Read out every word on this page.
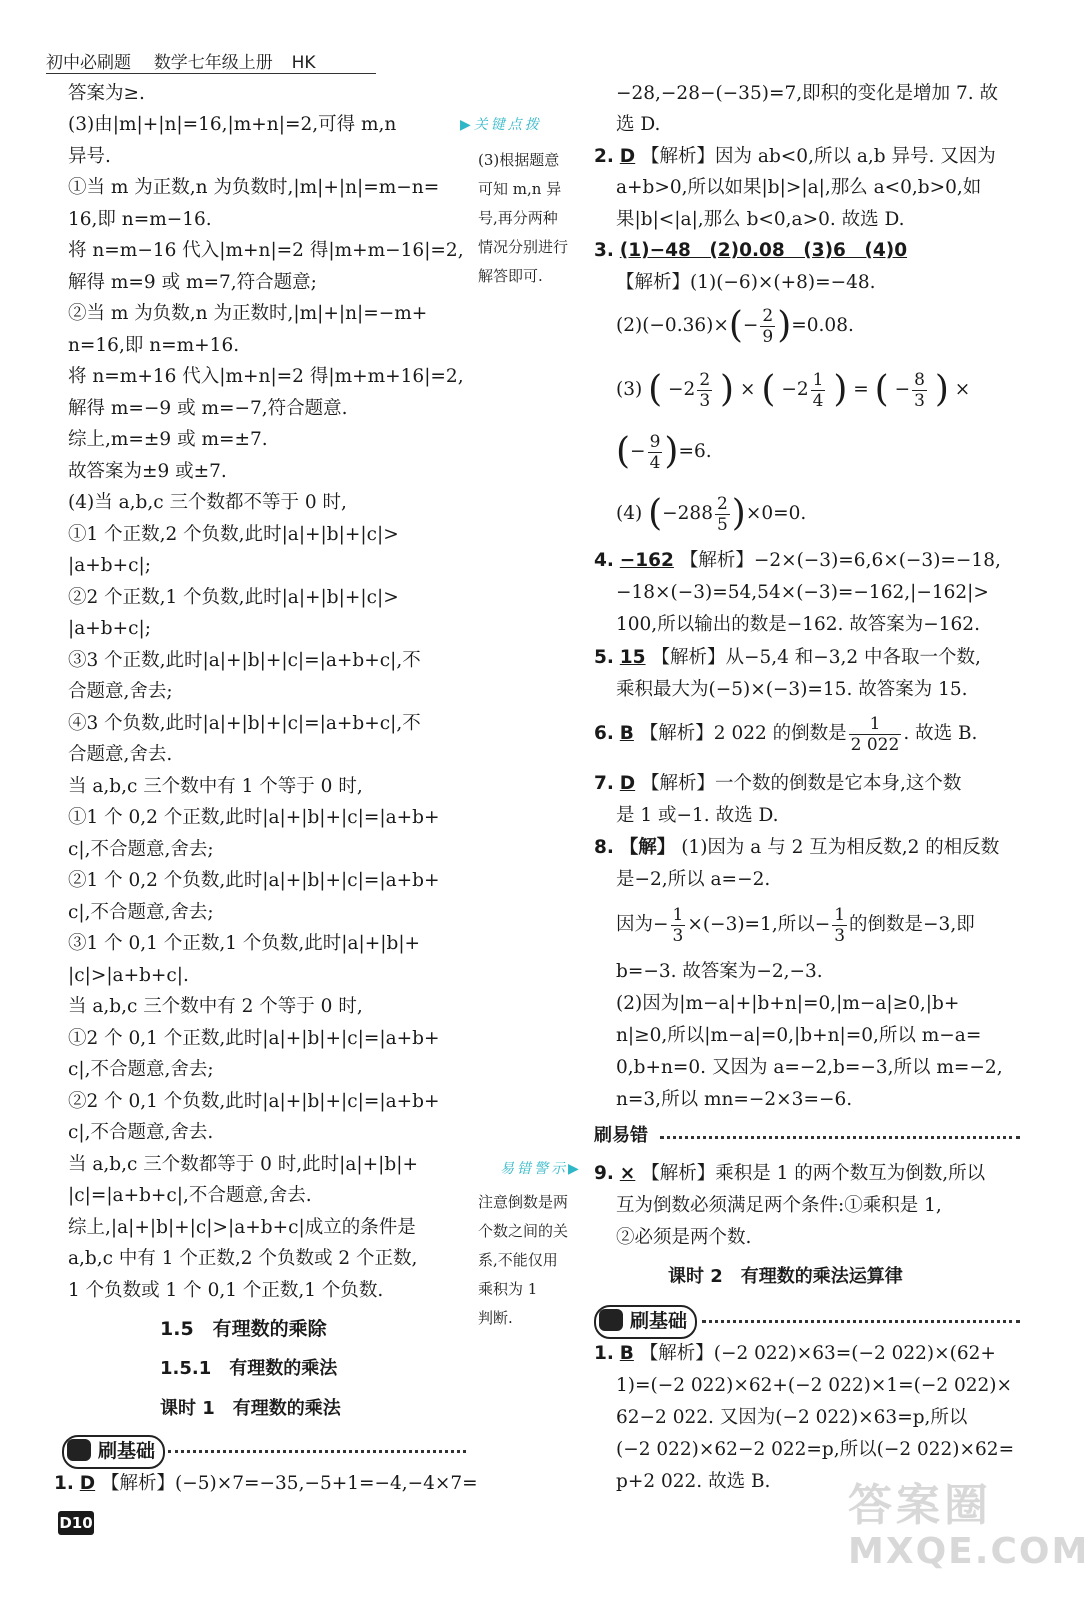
初中必刷题 数学七年级上册 HK
答案为≥.
(3)由|m|+|n|=16,|m+n|=2,可得 m,n
异号.
①当 m 为正数,n 为负数时,|m|+|n|=m−n=
16,即 n=m−16.
将 n=m−16 代入|m+n|=2 得|m+m−16|=2,
解得 m=9 或 m=7,符合题意;
②当 m 为负数,n 为正数时,|m|+|n|=−m+
n=16,即 n=m+16.
将 n=m+16 代入|m+n|=2 得|m+m+16|=2,
解得 m=−9 或 m=−7,符合题意.
综上,m=±9 或 m=±7.
故答案为±9 或±7.
(4)当 a,b,c 三个数都不等于 0 时,
①1 个正数,2 个负数,此时|a|+|b|+|c|>
|a+b+c|;
②2 个正数,1 个负数,此时|a|+|b|+|c|>
|a+b+c|;
③3 个正数,此时|a|+|b|+|c|=|a+b+c|,不
合题意,舍去;
④3 个负数,此时|a|+|b|+|c|=|a+b+c|,不
合题意,舍去.
当 a,b,c 三个数中有 1 个等于 0 时,
①1 个 0,2 个正数,此时|a|+|b|+|c|=|a+b+
c|,不合题意,舍去;
②1 个 0,2 个负数,此时|a|+|b|+|c|=|a+b+
c|,不合题意,舍去;
③1 个 0,1 个正数,1 个负数,此时|a|+|b|+
|c|>|a+b+c|.
当 a,b,c 三个数中有 2 个等于 0 时,
①2 个 0,1 个正数,此时|a|+|b|+|c|=|a+b+
c|,不合题意,舍去;
②2 个 0,1 个负数,此时|a|+|b|+|c|=|a+b+
c|,不合题意,舍去.
当 a,b,c 三个数都等于 0 时,此时|a|+|b|+
|c|=|a+b+c|,不合题意,舍去.
综上,|a|+|b|+|c|>|a+b+c|成立的条件是
a,b,c 中有 1 个正数,2 个负数或 2 个正数,
1 个负数或 1 个 0,1 个正数,1 个负数.
▶关键点拨
(3)根据题意
可知 m,n 异
号,再分两种
情况分别进行
解答即可.
易错警示▶
注意倒数是两
个数之间的关
系,不能仅用
乘积为 1
判断.
1.5　有理数的乘除
1.5.1　有理数的乘法
课时 1　有理数的乘法
刷基础
1. D 【解析】(−5)×7=−35,−5+1=−4,−4×7=
−28,−28−(−35)=7,即积的变化是增加 7. 故
选 D.
2. D 【解析】因为 ab<0,所以 a,b 异号. 又因为
a+b>0,所以如果|b|>|a|,那么 a<0,b>0,如
果|b|<|a|,那么 b<0,a>0. 故选 D.
3. (1)−48　(2)0.08　(3)6　(4)0
【解析】(1)(−6)×(+8)=−48.
$(2)(-0.36)\times(- \frac{2}{9} )=0.08$.
(3) ( $-2 \frac{2}{3}$ ) × ( $-2 \frac{1}{4}$ ) = ( − $\frac{8}{3}$ ) ×
(− $\frac{9}{4} )=6$.
(4) $(-288 \frac{2}{5} )\times 0=0$.
4. −162 【解析】−2×(−3)=6,6×(−3)=−18,
−18×(−3)=54,54×(−3)=−162,|−162|>
100,所以输出的数是−162. 故答案为−162.
5. 15 【解析】从−5,4 和−3,2 中各取一个数,
乘积最大为(−5)×(−3)=15. 故答案为 15.
6. B 【解析】2 022 的倒数是 $\frac{1}{2 022}$ . 故选 B.
7. D 【解析】一个数的倒数是它本身,这个数
是 1 或−1. 故选 D.
8. 【解】 (1)因为 a 与 2 互为相反数,2 的相反数
是−2,所以 a=−2.
因为− $\frac{1}{3} \times(-3)=1$,所以− $\frac{1}{3}$ 的倒数是−3,即
b=−3. 故答案为−2,−3.
(2)因为|m−a|+|b+n|=0,|m−a|≥0,|b+
n|≥0,所以|m−a|=0,|b+n|=0,所以 m−a=
0,b+n=0. 又因为 a=−2,b=−3,所以 m=−2,
n=3,所以 mn=−2×3=−6.
刷易错
9. × 【解析】乘积是 1 的两个数互为倒数,所以
互为倒数必须满足两个条件:①乘积是 1,
②必须是两个数.
课时 2　有理数的乘法运算律
刷基础
1. B 【解析】(−2 022)×63=(−2 022)×(62+
1)=(−2 022)×62+(−2 022)×1=(−2 022)×
62−2 022. 又因为(−2 022)×63=p,所以
(−2 022)×62−2 022=p,所以(−2 022)×62=
p+2 022. 故选 B.
D10	答案圈
MXQE.COM
